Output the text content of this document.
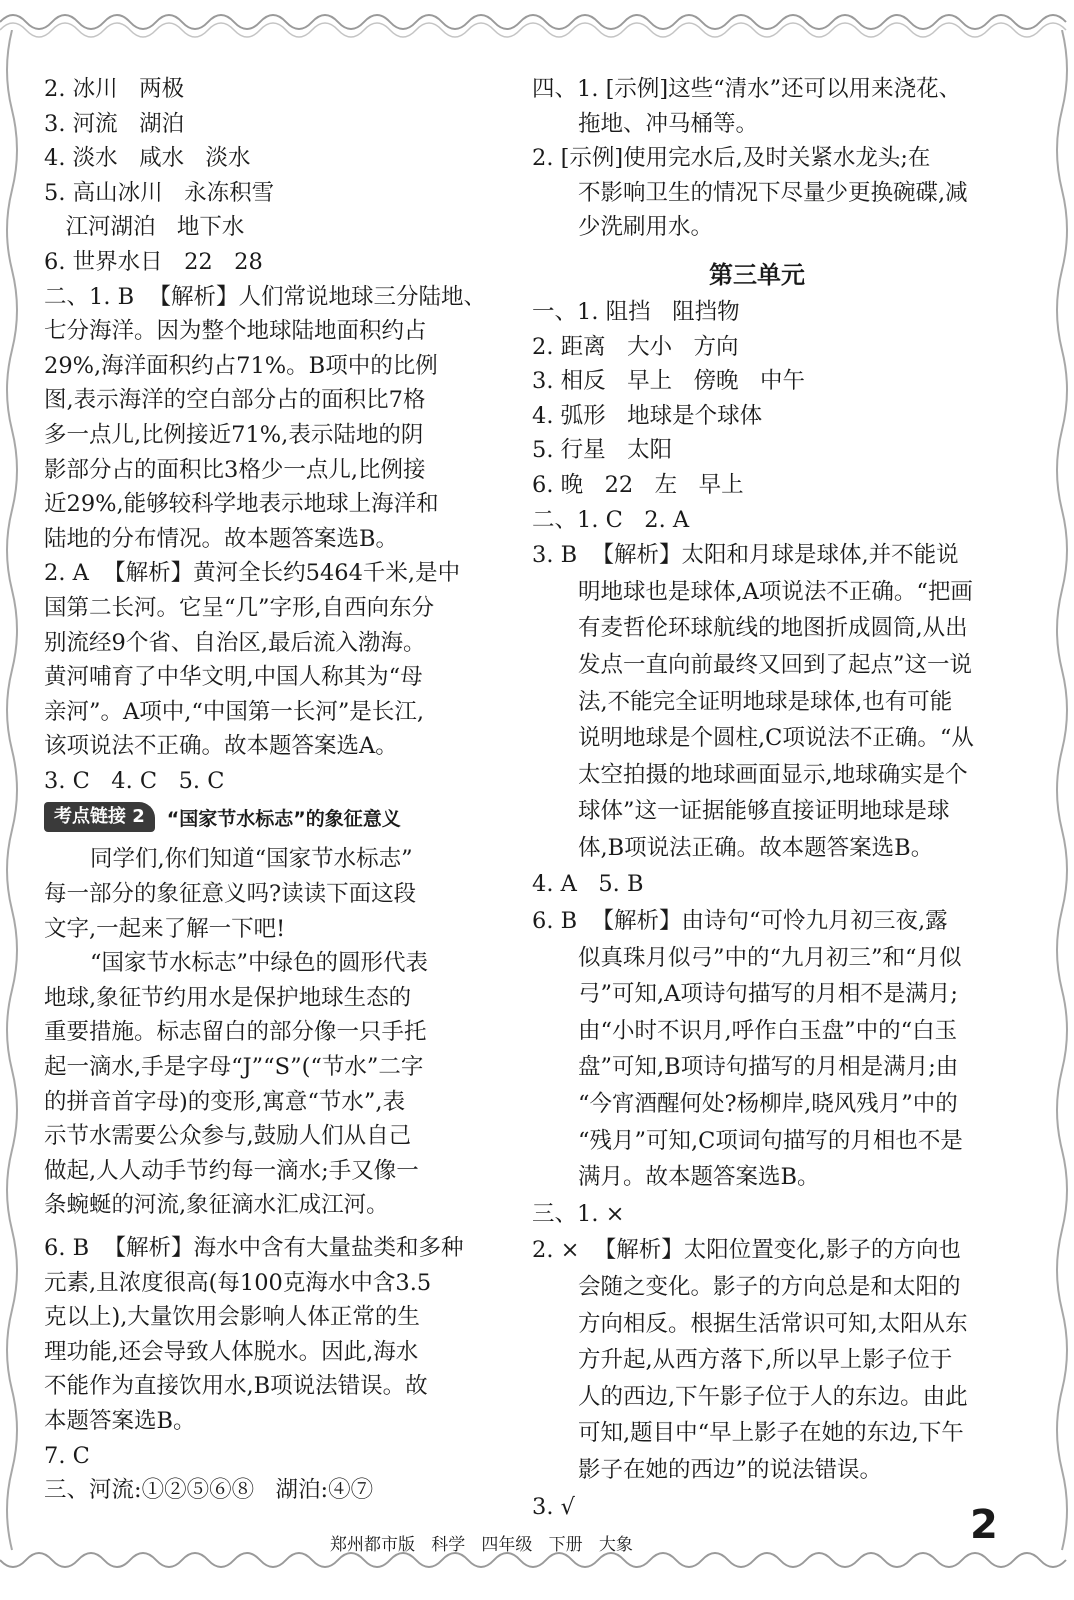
2. 冰川   两极
3. 河流   湖泊
4. 淡水   咸水   淡水
5. 高山冰川   永冻积雪
江河湖泊   地下水
6. 世界水日   22   28
二、1. B  【解析】人们常说地球三分陆地、
七分海洋。因为整个地球陆地面积约占
29%,海洋面积约占71%。B项中的比例
图,表示海洋的空白部分占的面积比7格
多一点儿,比例接近71%,表示陆地的阴
影部分占的面积比3格少一点儿,比例接
近29%,能够较科学地表示地球上海洋和
陆地的分布情况。故本题答案选B。
2. A  【解析】黄河全长约5464千米,是中
国第二长河。它呈“几”字形,自西向东分
别流经9个省、自治区,最后流入渤海。
黄河哺育了中华文明,中国人称其为“母
亲河”。A项中,“中国第一长河”是长江,
该项说法不正确。故本题答案选A。
3. C   4. C   5. C
考点链接 2	“国家节水标志”的象征意义
同学们,你们知道“国家节水标志”
每一部分的象征意义吗?读读下面这段
文字,一起来了解一下吧!
“国家节水标志”中绿色的圆形代表
地球,象征节约用水是保护地球生态的
重要措施。标志留白的部分像一只手托
起一滴水,手是字母“J”“S”(“节水”二字
的拼音首字母)的变形,寓意“节水”,表
示节水需要公众参与,鼓励人们从自己
做起,人人动手节约每一滴水;手又像一
条蜿蜒的河流,象征滴水汇成江河。
6. B  【解析】海水中含有大量盐类和多种
元素,且浓度很高(每100克海水中含3.5
克以上),大量饮用会影响人体正常的生
理功能,还会导致人体脱水。因此,海水
不能作为直接饮用水,B项说法错误。故
本题答案选B。
7. C
三、河流:①②⑤⑥⑧   湖泊:④⑦
四、1. [示例]这些“清水”还可以用来浇花、
拖地、冲马桶等。
2. [示例]使用完水后,及时关紧水龙头;在
不影响卫生的情况下尽量少更换碗碟,减
少洗刷用水。
第三单元
一、1. 阻挡   阻挡物
2. 距离   大小   方向
3. 相反   早上   傍晚   中午
4. 弧形   地球是个球体
5. 行星   太阳
6. 晚   22   左   早上
二、1. C   2. A
3. B  【解析】太阳和月球是球体,并不能说
明地球也是球体,A项说法不正确。“把画
有麦哲伦环球航线的地图折成圆筒,从出
发点一直向前最终又回到了起点”这一说
法,不能完全证明地球是球体,也有可能
说明地球是个圆柱,C项说法不正确。“从
太空拍摄的地球画面显示,地球确实是个
球体”这一证据能够直接证明地球是球
体,B项说法正确。故本题答案选B。
4. A   5. B
6. B  【解析】由诗句“可怜九月初三夜,露
似真珠月似弓”中的“九月初三”和“月似
弓”可知,A项诗句描写的月相不是满月;
由“小时不识月,呼作白玉盘”中的“白玉
盘”可知,B项诗句描写的月相是满月;由
“今宵酒醒何处?杨柳岸,晓风残月”中的
“残月”可知,C项词句描写的月相也不是
满月。故本题答案选B。
三、1. ×
2. ×  【解析】太阳位置变化,影子的方向也
会随之变化。影子的方向总是和太阳的
方向相反。根据生活常识可知,太阳从东
方升起,从西方落下,所以早上影子位于
人的西边,下午影子位于人的东边。由此
可知,题目中“早上影子在她的东边,下午
影子在她的西边”的说法错误。
3. √
郑州都市版   科学   四年级   下册   大象	2
